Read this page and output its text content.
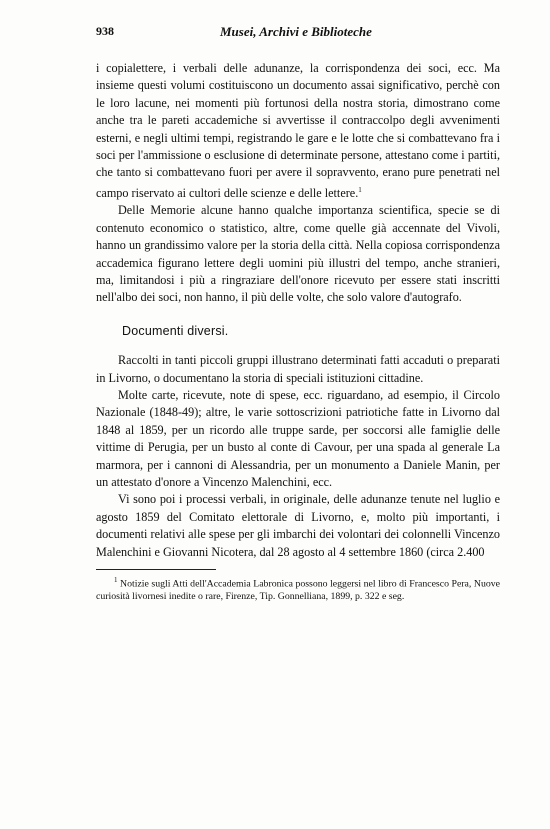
938	Musei, Archivi e Biblioteche

i copialettere, i verbali delle adunanze, la corrispondenza dei soci, ecc. Ma insieme questi volumi costituiscono un documento assai significativo, perchè con le loro lacune, nei momenti più fortunosi della nostra storia, dimostrano come anche tra le pareti accademiche si avvertisse il contraccolpo degli avvenimenti esterni, e negli ultimi tempi, registrando le gare e le lotte che si combattevano fra i soci per l'ammissione o esclusione di determinate persone, attestano come i partiti, che tanto si combattevano fuori per avere il sopravvento, erano pure penetrati nel campo riservato ai cultori delle scienze e delle lettere.$^1$

Delle Memorie alcune hanno qualche importanza scientifica, specie se di contenuto economico o statistico, altre, come quelle già accennate del Vivoli, hanno un grandissimo valore per la storia della città. Nella copiosa corrispondenza accademica figurano lettere degli uomini più illustri del tempo, anche stranieri, ma, limitandosi i più a ringraziare dell'onore ricevuto per essere stati inscritti nell'albo dei soci, non hanno, il più delle volte, che solo valore d'autografo.

Documenti diversi.

Raccolti in tanti piccoli gruppi illustrano determinati fatti accaduti o preparati in Livorno, o documentano la storia di speciali istituzioni cittadine.

Molte carte, ricevute, note di spese, ecc. riguardano, ad esempio, il Circolo Nazionale (1848-49); altre, le varie sottoscrizioni patriotiche fatte in Livorno dal 1848 al 1859, per un ricordo alle truppe sarde, per soccorsi alle famiglie delle vittime di Perugia, per un busto al conte di Cavour, per una spada al generale La marmora, per i cannoni di Alessandria, per un monumento a Daniele Manin, per un attestato d'onore a Vincenzo Malenchini, ecc.

Vi sono poi i processi verbali, in originale, delle adunanze tenute nel luglio e agosto 1859 del Comitato elettorale di Livorno, e, molto più importanti, i documenti relativi alle spese per gli imbarchi dei volontari dei colonnelli Vincenzo Malenchini e Giovanni Nicotera, dal 28 agosto al 4 settembre 1860 (circa 2.400

$^1$ Notizie sugli Atti dell'Accademia Labronica possono leggersi nel libro di Francesco Pera, Nuove curiosità livornesi inedite o rare, Firenze, Tip. Gonnelliana, 1899, p. 322 e seg.
